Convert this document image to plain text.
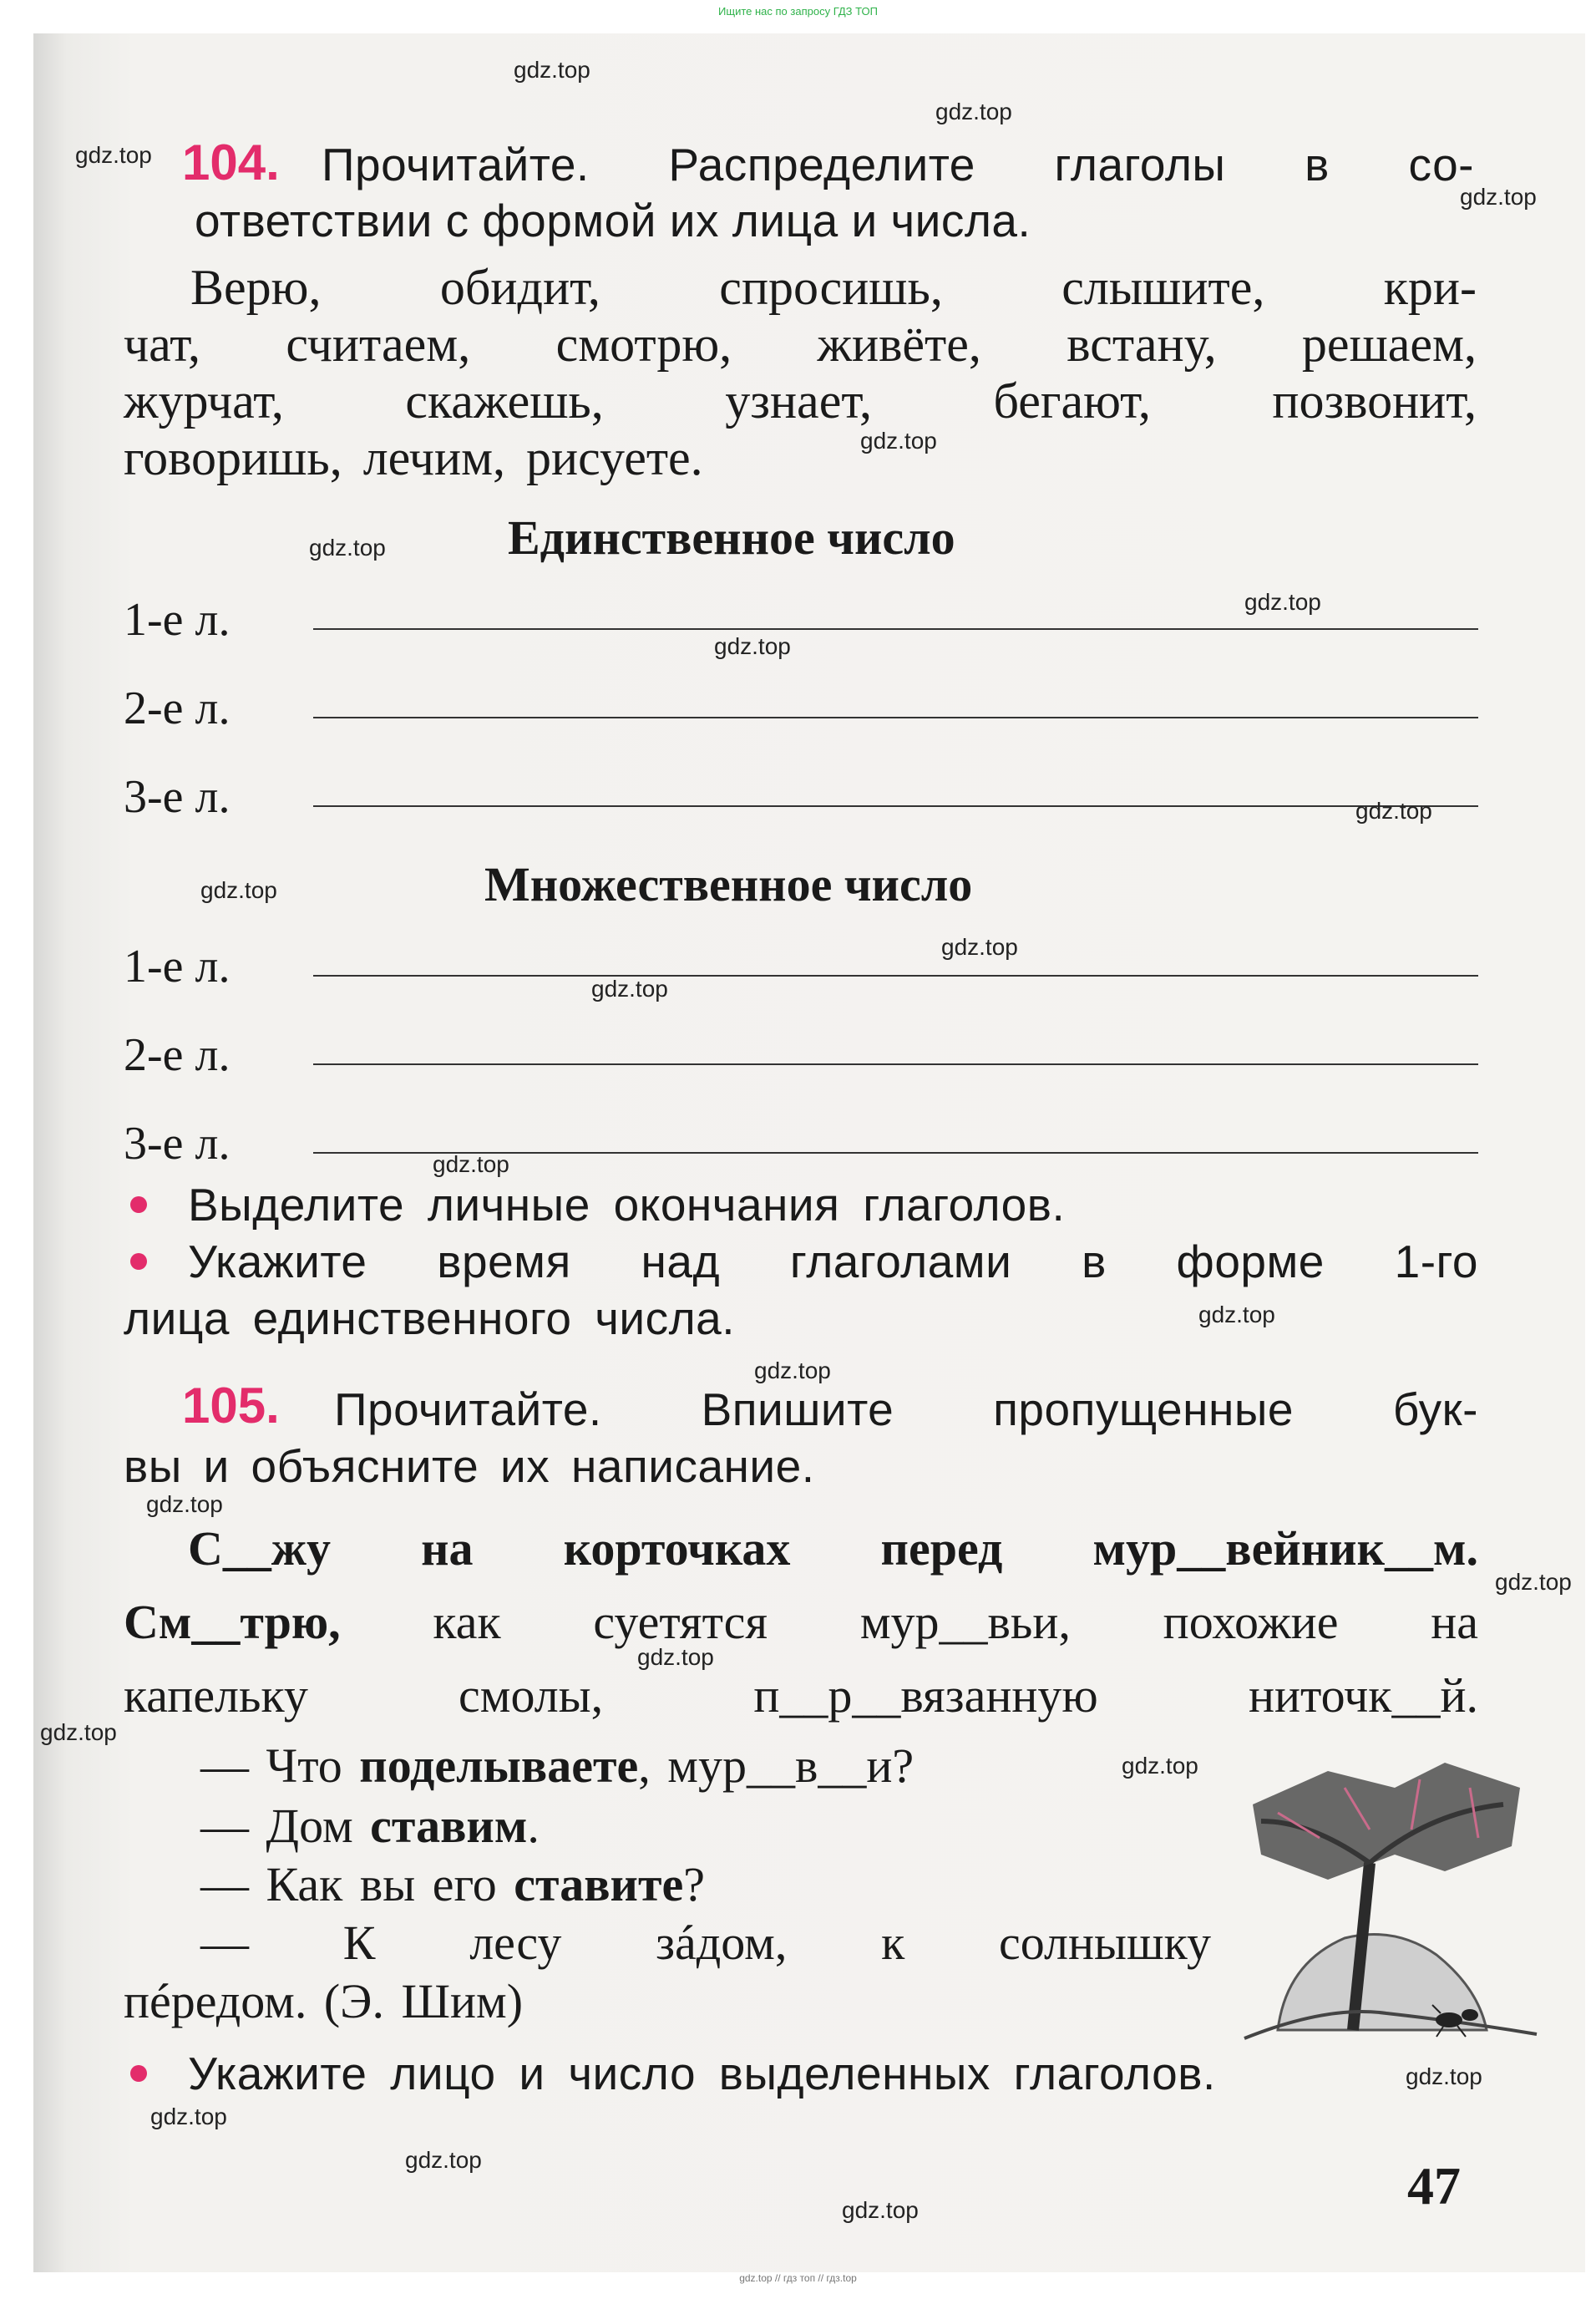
Ищите нас по запросу ГДЗ ТОП
104. Прочитайте. Распределите глаголы в со-
ответствии с формой их лица и числа.
Верю, обидит, спросишь, слышите, кри-
чат, считаем, смотрю, живёте, встану, решаем,
журчат, скажешь, узнает, бегают, позвонит,
говоришь, лечим, рисуете.
Единственное число
1-е л.
2-е л.
3-е л.
Множественное число
1-е л.
2-е л.
3-е л.
Выделите личные окончания глаголов.
Укажите время над глаголами в форме 1-го
лица единственного числа.
105. Прочитайте. Впишите пропущенные бук-
вы и объясните их написание.
С__жу на корточках перед мур__вейник__м.
См__трю, как суетятся мур__вьи, похожие на
капельку смолы, п__р__вязанную ниточк__й.
— Что поделываете, мур__в__и?
— Дом ставим.
— Как вы его ставите?
— К лесу зáдом, к солнышку
пéредом. (Э. Шим)
Укажите лицо и число выделенных глаголов.
47
gdz.top
gdz.top
gdz.top
gdz.top
gdz.top
gdz.top
gdz.top
gdz.top
gdz.top
gdz.top
gdz.top
gdz.top
gdz.top
gdz.top
gdz.top
gdz.top
gdz.top
gdz.top
gdz.top
gdz.top
gdz.top
gdz.top
gdz.top
gdz.top
gdz.top // гдз топ // гдз.top
